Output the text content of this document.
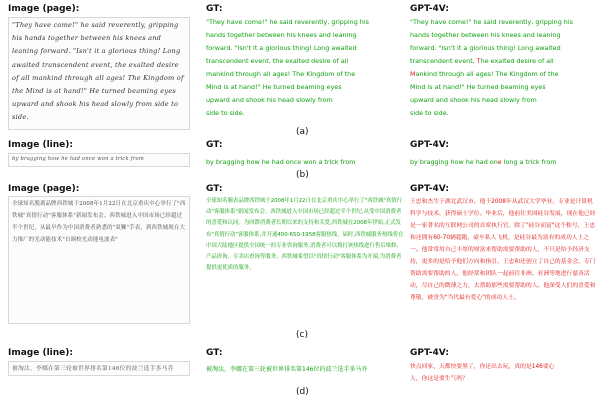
Image (page):	GT:	GPT-4V:
"They have come!" he said reverently, gripping his hands together between his knees and leaning forward. "Isn't it a glorious thing! Long awaited transcendent event, the exalted desire of all mankind through all ages! The Kingdom of the Mind is at hand!" He turned beaming eyes upward and shook his head slowly from side to side.
"They have come!" he said reverently, gripping his
hands together between his knees and leaning
forward. "Isn't it a glorious thing! Long awaited
transcendent event, the exalted desire of all
mankind through all ages! The Kingdom of the
Mind is at hand!" He turned beaming eyes
upward and shook his head slowly from
side to side.
"They have come!" he said reverently, gripping his
hands together between his knees and leaning
forward. "Isn't it a glorious thing! Long awaited
transcendent event, The exalted desire of all
Mankind through all ages! The Kingdom of the
Mind is at hand!" He turned beaming eyes
upward and shook his head slowly from
side to side.
(a)
Image (line):	GT:	GPT-4V:
by bragging how he had once won a trick from	by bragging how he had once won a trick from	by bragging how he had one long a trick from
(b)
Image (page):	GT:	GPT-4V:
全球知名脱离品牌西铁城于2008年1月22日在北京重庆中心举行了"西铁城"真情行动"客服体系"新闻发布会。西铁城进入中国市场已经超过半个世纪，从最早作为中国消费者熟悉的"双狮"手表，到西铁城现在大力推广的光动能技术"自调校光动能电波表"
全球知名腕表品牌西铁城于2008年1月22日在北京重庆中心举行了"西铁城"真情行动"客服体系"新闻发布会。西铁城进入中国市场已经超过半个世纪,从受中国消费者的喜爱和认同。为回馈消费者长期以来的支持和关爱,西铁城在2008年伊始,正式发布"真情行动"客服体系,并开通400-650-1958客服热线。届时,西铁城服务热线将在中国大陆地区提供全国统一的专业咨询服务,消费者可以拨打该热线进行售后维修、产品咨询、专卖店查询等服务。西铁城希望以"真情行动"客服体系为开端,为消费者提供更优质的服务。
王忠和杰生于湖北武汉市，他于2008年从武汉大学毕业，专业是计算机科学与技术，获得硕士学位。毕业后，他前往美国硅谷发展，现在他已经是一家著名的互联网公司的首席执行官。除了"硅谷而富"这个称号，王忠和还拥有60-70辆超跑、豪车私人飞机，是硅谷最为富有的成功人士之一。他常常用自己丰厚的财富来帮助需要帮助的人，不只是给予经济支持，更多的是给予他们方向和指引。王忠和还创立了自己的基金会，专门帮助需要帮助的人。他经常和团队一起前往非洲、亚洲等地进行慈善活动，尽自己的微薄之力，去帮助那些需要帮助的人。他深受人们的喜爱和尊敬，被誉为"当代最有爱心"的成功人士。
(c)
Image (line):	GT:	GPT-4V:
被淘汰，李娜在第三轮被世界排名第146位的波兰选手多马乔	被淘汰，李娜在第三轮被世界排名第146位的波兰选手多马乔	快点回家，天都快要黑了，你还出去玩，真的是146要心
人，你这是要生气吗？
(d)
